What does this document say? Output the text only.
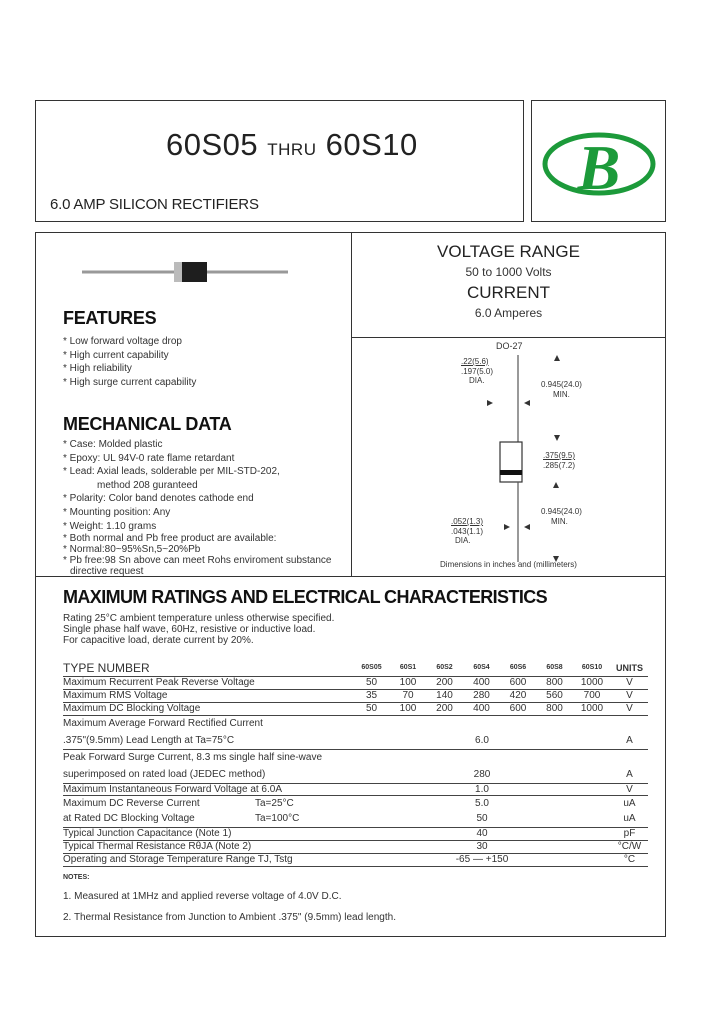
60S05 THRU 60S10
6.0 AMP SILICON RECTIFIERS
B
FEATURES
* Low forward voltage drop
* High current capability
* High reliability
* High surge current capability
MECHANICAL DATA
* Case: Molded plastic
* Epoxy: UL 94V-0 rate flame retardant
* Lead: Axial leads, solderable per MIL-STD-202,
method 208 guranteed
* Polarity: Color band denotes cathode end
* Mounting position: Any
* Weight: 1.10 grams
* Both normal and Pb free product are available:
* Normal:80~95%Sn,5~20%Pb
* Pb free:98 Sn above can meet Rohs enviroment substance
directive request
VOLTAGE RANGE
50 to 1000 Volts
CURRENT
6.0 Amperes
DO-27
.22(5.6)
.197(5.0)
DIA.	0.945(24.0)
MIN.
.375(9.5)
.285(7.2)
0.945(24.0)
MIN.
.052(1.3)
.043(1.1)
DIA.
Dimensions in inches and (millimeters)
MAXIMUM RATINGS AND ELECTRICAL CHARACTERISTICS
Rating 25°C ambient temperature unless otherwise specified.
Single phase half wave, 60Hz, resistive or inductive load.
For capacitive load, derate current by 20%.
TYPE NUMBER	60S05	60S1	60S2	60S4	60S6	60S8	60S10	UNITS
Maximum Recurrent Peak Reverse Voltage	50	100	200	400	600	800	1000	V
Maximum RMS Voltage	35	70	140	280	420	560	700	V
Maximum DC Blocking Voltage	50	100	200	400	600	800	1000	V
Maximum Average Forward Rectified Current								
.375"(9.5mm) Lead Length at Ta=75°C	6.0							A
Peak Forward Surge Current, 8.3 ms single half sine-wave								
superimposed on rated load (JEDEC method)	280							A
Maximum Instantaneous Forward Voltage at 6.0A	1.0							V
Maximum DC Reverse Current Ta=25°C	5.0							uA
at Rated DC Blocking Voltage Ta=100°C	50							uA
Typical Junction Capacitance (Note 1)	40							pF
Typical Thermal Resistance RθJA (Note 2)	30							°C/W
Operating and Storage Temperature Range TJ, Tstg	-65 — +150							°C
NOTES:
1. Measured at 1MHz and applied reverse voltage of 4.0V D.C.
2. Thermal Resistance from Junction to Ambient .375" (9.5mm) lead length.
